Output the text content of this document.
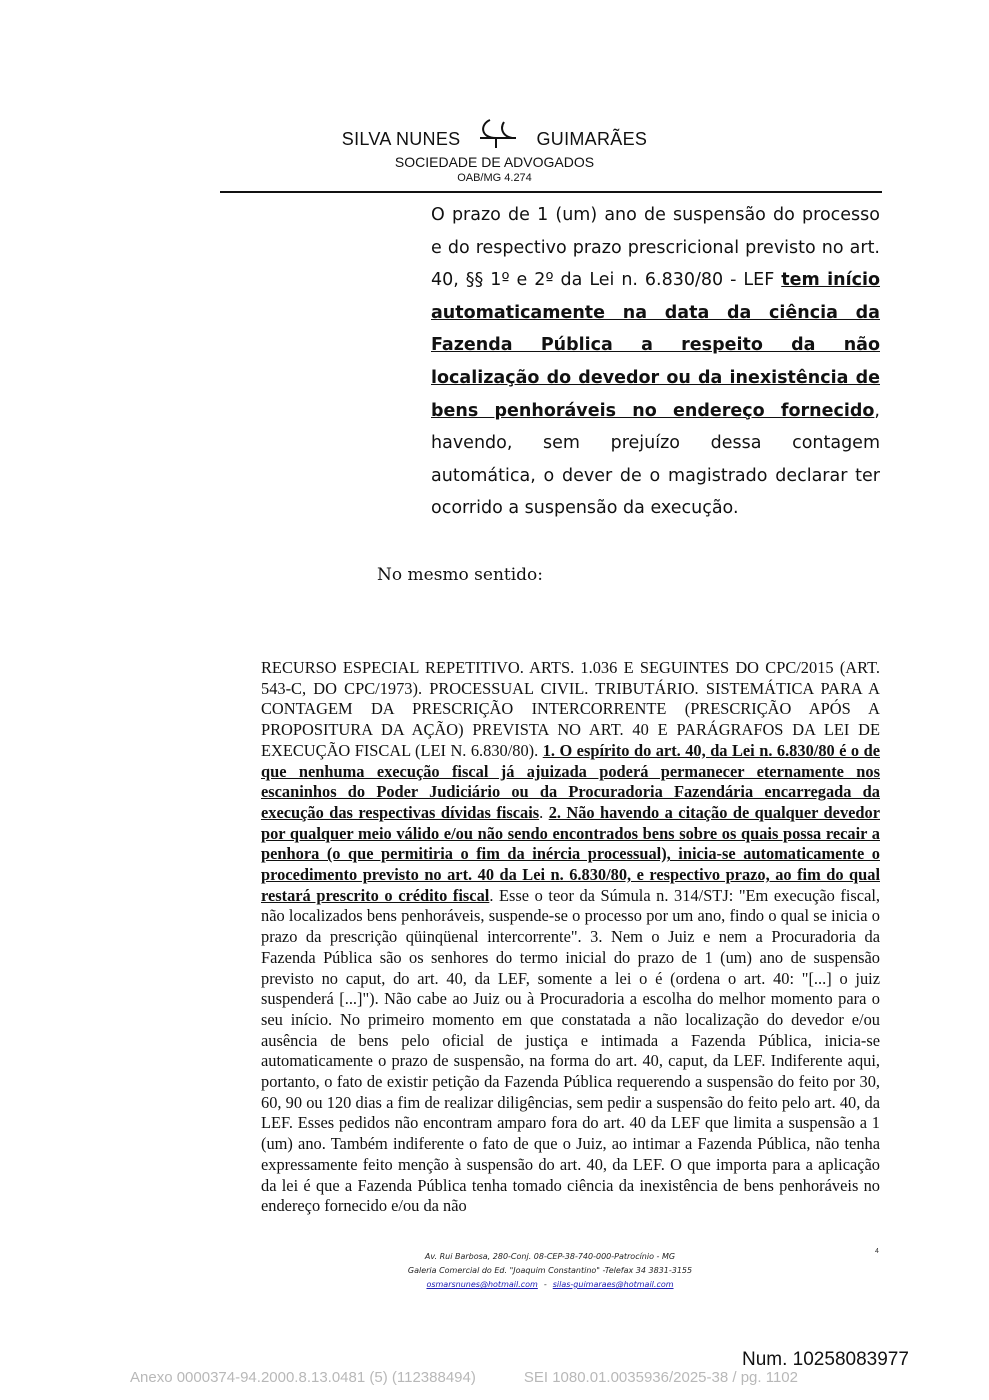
SILVA NUNES	GUIMARÃES
SOCIEDADE DE ADVOGADOS
OAB/MG 4.274
O prazo de 1 (um) ano de suspensão do processo e do respectivo prazo prescricional previsto no art. 40, §§ 1º e 2º da Lei n. 6.830/80 - LEF tem início automaticamente na data da ciência da Fazenda Pública a respeito da não localização do devedor ou da inexistência de bens penhoráveis no endereço fornecido, havendo, sem prejuízo dessa contagem automática, o dever de o magistrado declarar ter ocorrido a suspensão da execução.
No mesmo sentido:
RECURSO ESPECIAL REPETITIVO. ARTS. 1.036 E SEGUINTES DO CPC/2015 (ART. 543-C, DO CPC/1973). PROCESSUAL CIVIL. TRIBUTÁRIO. SISTEMÁTICA PARA A CONTAGEM DA PRESCRIÇÃO INTERCORRENTE (PRESCRIÇÃO APÓS A PROPOSITURA DA AÇÃO) PREVISTA NO ART. 40 E PARÁGRAFOS DA LEI DE EXECUÇÃO FISCAL (LEI N. 6.830/80). 1. O espírito do art. 40, da Lei n. 6.830/80 é o de que nenhuma execução fiscal já ajuizada poderá permanecer eternamente nos escaninhos do Poder Judiciário ou da Procuradoria Fazendária encarregada da execução das respectivas dívidas fiscais. 2. Não havendo a citação de qualquer devedor por qualquer meio válido e/ou não sendo encontrados bens sobre os quais possa recair a penhora (o que permitiria o fim da inércia processual), inicia-se automaticamente o procedimento previsto no art. 40 da Lei n. 6.830/80, e respectivo prazo, ao fim do qual restará prescrito o crédito fiscal. Esse o teor da Súmula n. 314/STJ: "Em execução fiscal, não localizados bens penhoráveis, suspende-se o processo por um ano, findo o qual se inicia o prazo da prescrição qüinqüenal intercorrente". 3. Nem o Juiz e nem a Procuradoria da Fazenda Pública são os senhores do termo inicial do prazo de 1 (um) ano de suspensão previsto no caput, do art. 40, da LEF, somente a lei o é (ordena o art. 40: "[...] o juiz suspenderá [...]"). Não cabe ao Juiz ou à Procuradoria a escolha do melhor momento para o seu início. No primeiro momento em que constatada a não localização do devedor e/ou ausência de bens pelo oficial de justiça e intimada a Fazenda Pública, inicia-se automaticamente o prazo de suspensão, na forma do art. 40, caput, da LEF. Indiferente aqui, portanto, o fato de existir petição da Fazenda Pública requerendo a suspensão do feito por 30, 60, 90 ou 120 dias a fim de realizar diligências, sem pedir a suspensão do feito pelo art. 40, da LEF. Esses pedidos não encontram amparo fora do art. 40 da LEF que limita a suspensão a 1 (um) ano. Também indiferente o fato de que o Juiz, ao intimar a Fazenda Pública, não tenha expressamente feito menção à suspensão do art. 40, da LEF. O que importa para a aplicação da lei é que a Fazenda Pública tenha tomado ciência da inexistência de bens penhoráveis no endereço fornecido e/ou da não
Av. Rui Barbosa, 280-Conj. 08-CEP-38-740-000-Patrocínio - MG
Galeria Comercial do Ed. "Joaquim Constantino" -Telefax 34 3831-3155
osmarsnunes@hotmail.com - silas-guimaraes@hotmail.com
4
Num. 10258083977
Anexo 0000374-94.2000.8.13.0481 (5) (112388494)	SEI 1080.01.0035936/2025-38 / pg. 1102
